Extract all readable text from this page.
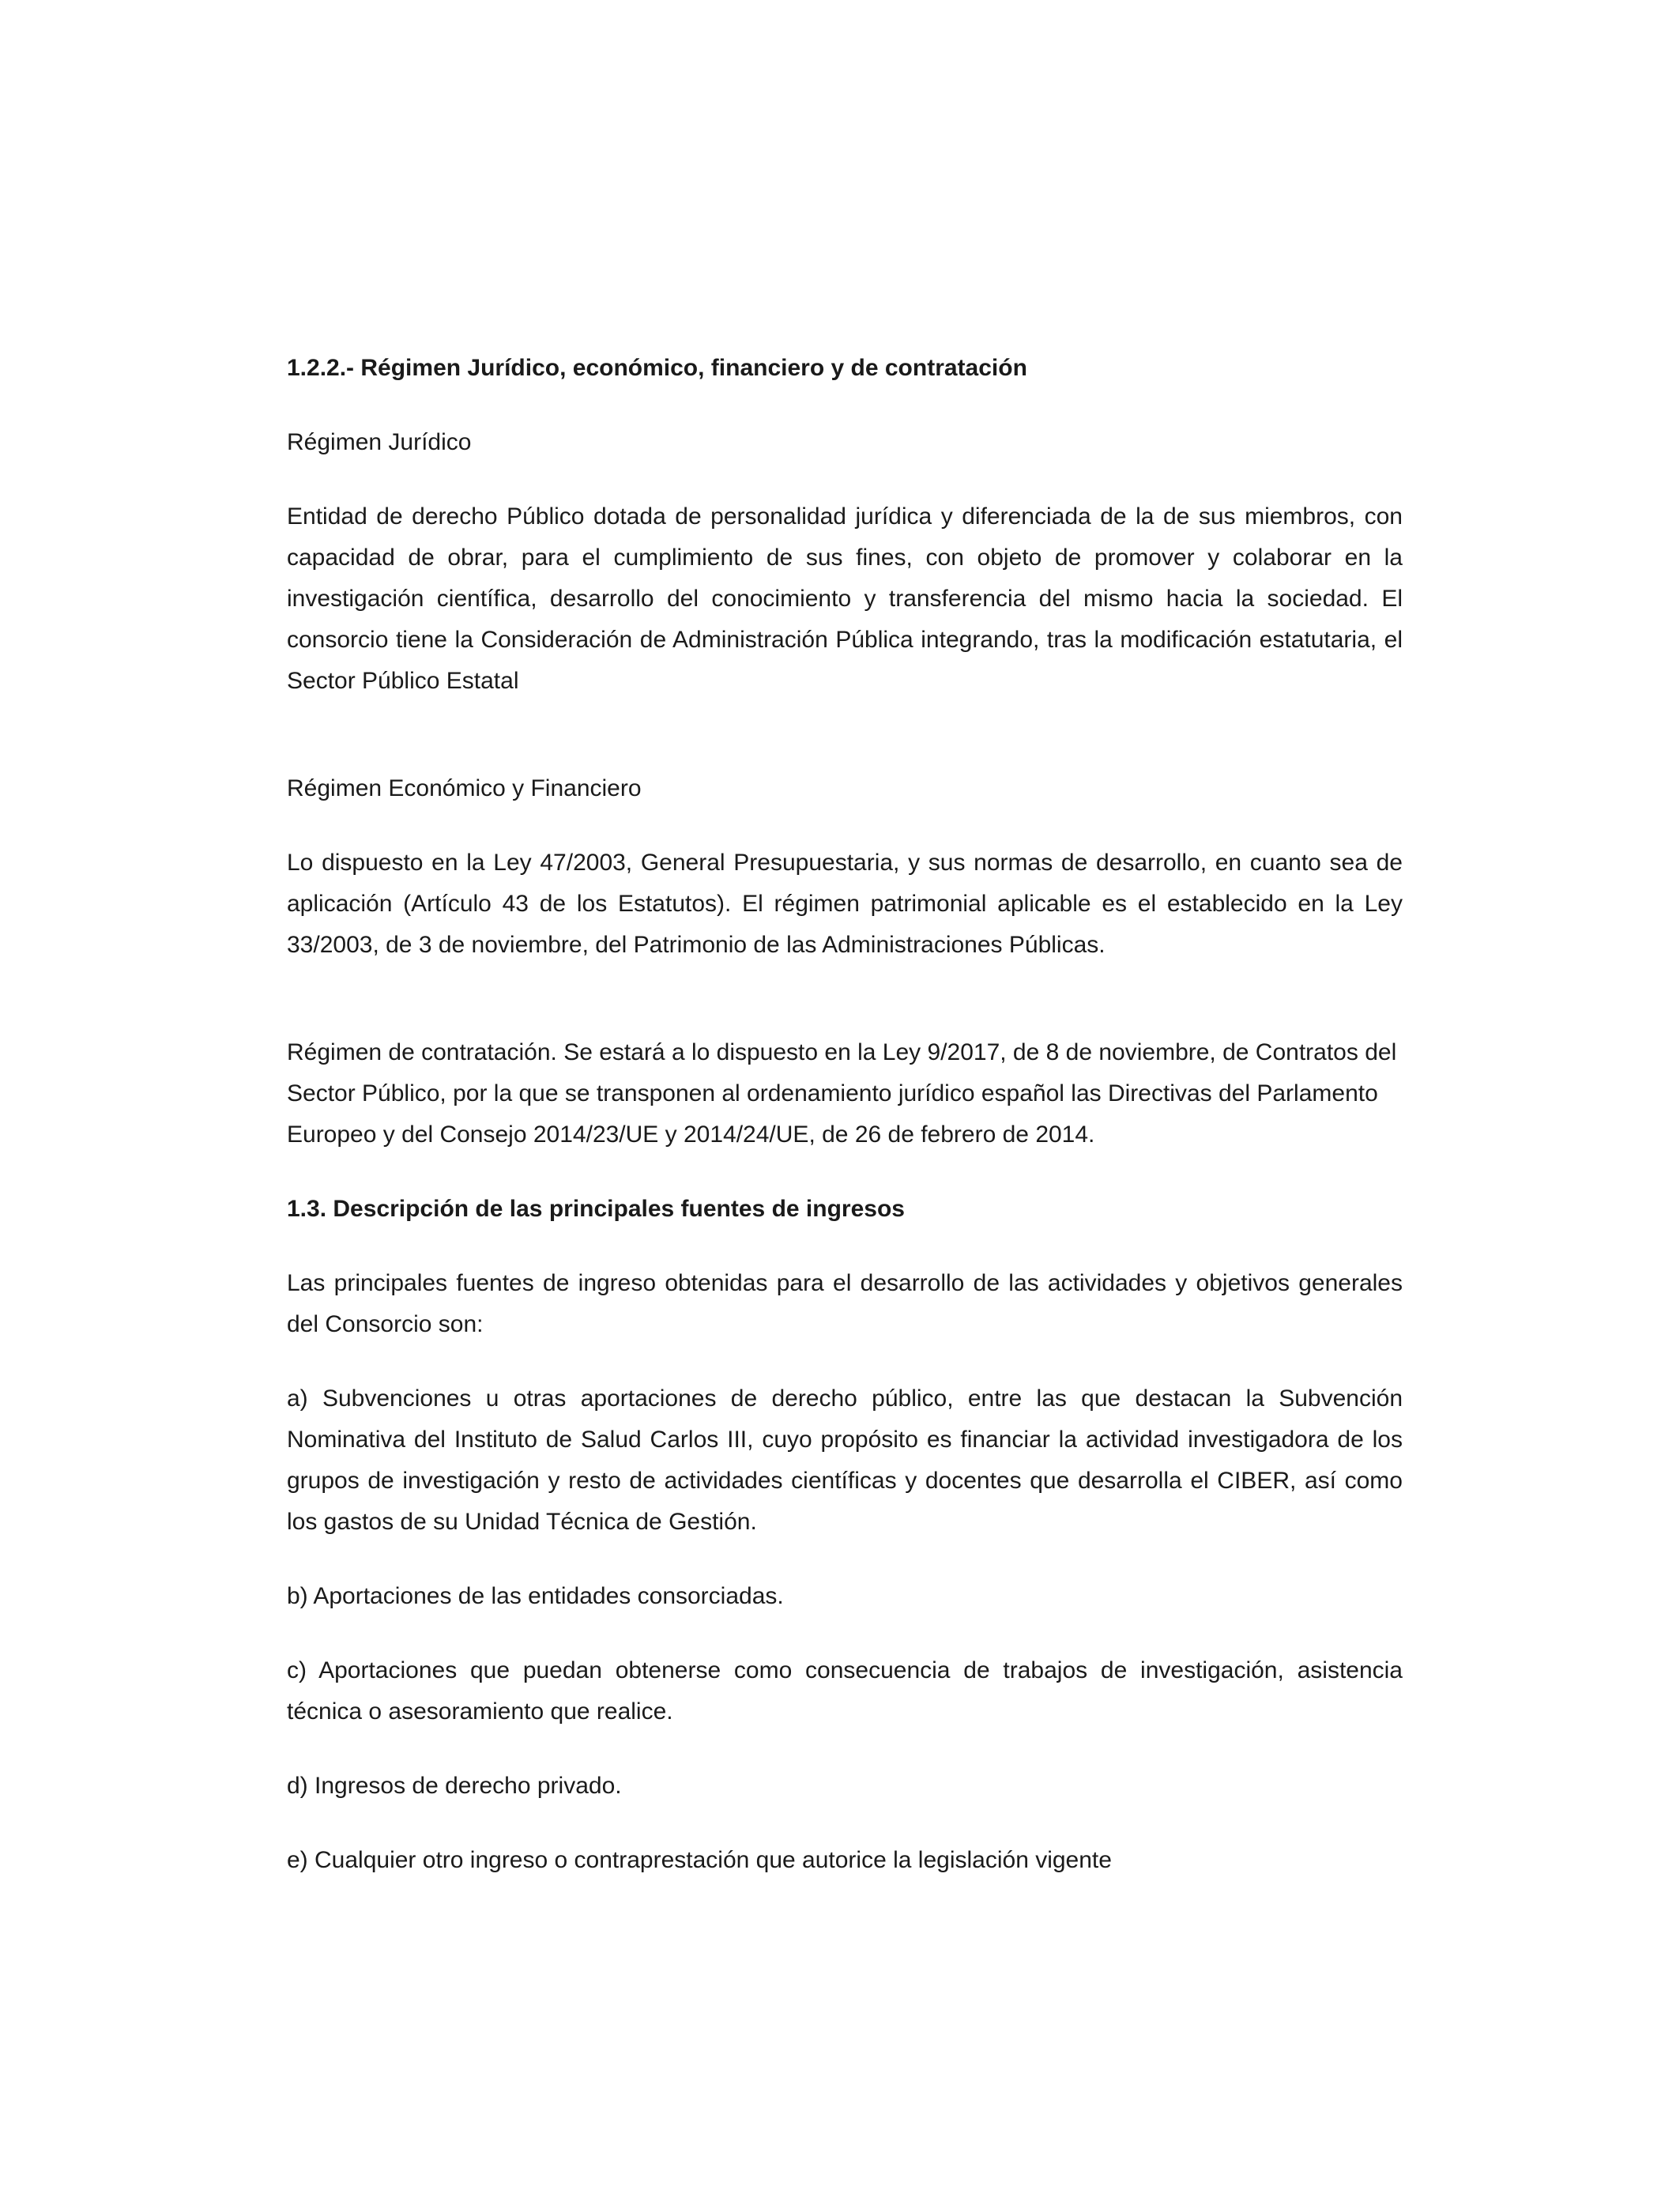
1.2.2.- Régimen Jurídico, económico, financiero y de contratación

Régimen Jurídico

Entidad de derecho Público dotada de personalidad jurídica y diferenciada de la de sus miembros, con capacidad de obrar, para el cumplimiento de sus fines, con objeto de promover y colaborar en la investigación científica, desarrollo del conocimiento y transferencia del mismo hacia la sociedad. El consorcio tiene la Consideración de Administración Pública integrando, tras la modificación estatutaria, el Sector Público Estatal

Régimen Económico y Financiero

Lo dispuesto en la Ley 47/2003, General Presupuestaria, y sus normas de desarrollo, en cuanto sea de aplicación (Artículo 43 de los Estatutos). El régimen patrimonial aplicable es el establecido en la Ley 33/2003, de 3 de noviembre, del Patrimonio de las Administraciones Públicas.

Régimen de contratación. Se estará a lo dispuesto en la Ley 9/2017, de 8 de noviembre, de Contratos del Sector Público, por la que se transponen al ordenamiento jurídico español las Directivas del Parlamento Europeo y del Consejo 2014/23/UE y 2014/24/UE, de 26 de febrero de 2014.

1.3. Descripción de las principales fuentes de ingresos

Las principales fuentes de ingreso obtenidas para el desarrollo de las actividades y objetivos generales del Consorcio son:

a) Subvenciones u otras aportaciones de derecho público, entre las que destacan la Subvención Nominativa del Instituto de Salud Carlos III, cuyo propósito es financiar la actividad investigadora de los grupos de investigación y resto de actividades científicas y docentes que desarrolla el CIBER, así como los gastos de su Unidad Técnica de Gestión.

b) Aportaciones de las entidades consorciadas.

c) Aportaciones que puedan obtenerse como consecuencia de trabajos de investigación, asistencia técnica o asesoramiento que realice.

d) Ingresos de derecho privado.

e) Cualquier otro ingreso o contraprestación que autorice la legislación vigente
